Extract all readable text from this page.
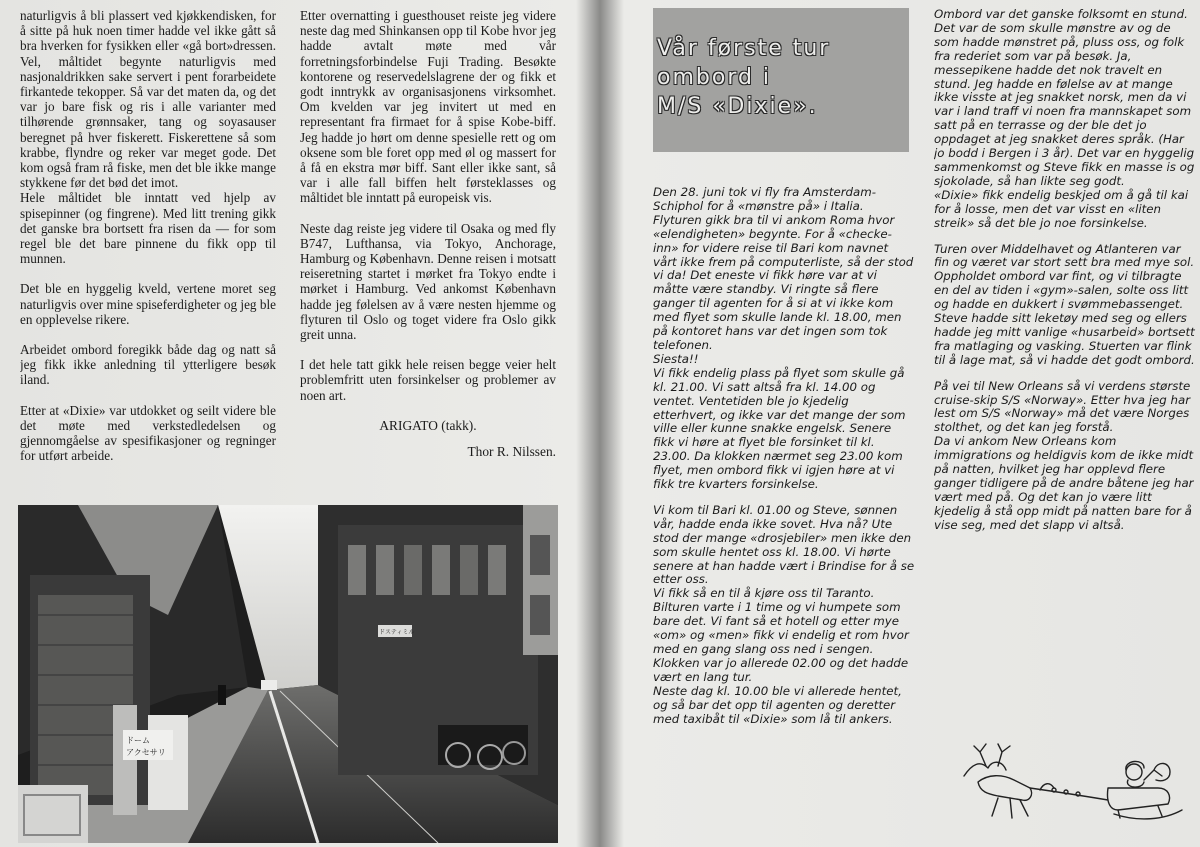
naturligvis å bli plassert ved kjøkkendisken, for å sitte på huk noen timer hadde vel ikke gått så bra hverken for fysikken eller «gå bort»dressen. Vel, måltidet begynte naturligvis med nasjonaldrikken sake servert i pent forarbeidete firkantede tekopper. Så var det maten da, og det var jo bare fisk og ris i alle varianter med tilhørende grønnsaker, tang og soyasauser beregnet på hver fiskerett. Fiskerettene så som krabbe, flyndre og reker var meget gode. Det kom også fram rå fiske, men det ble ikke mange stykkene før det bød det imot.

Hele måltidet ble inntatt ved hjelp av spisepinner (og fingrene). Med litt trening gikk det ganske bra bortsett fra risen da — for som regel ble det bare pinnene du fikk opp til munnen.

Det ble en hyggelig kveld, vertene moret seg naturligvis over mine spiseferdigheter og jeg ble en opplevelse rikere.

Arbeidet ombord foregikk både dag og natt så jeg fikk ikke anledning til ytterligere besøk iland.

Etter at «Dixie» var utdokket og seilt videre ble det møte med verkstedledelsen og gjennomgåelse av spesifikasjoner og regninger for utført arbeide.

Etter overnatting i guesthouset reiste jeg videre neste dag med Shinkansen opp til Kobe hvor jeg hadde avtalt møte med vår forretningsforbindelse Fuji Trading. Besøkte kontorene og reservedelslagrene der og fikk et godt inntrykk av organisasjonens virksomhet. Om kvelden var jeg invitert ut med en representant fra firmaet for å spise Kobe-biff. Jeg hadde jo hørt om denne spesielle rett og om oksene som ble foret opp med øl og massert for å få en ekstra mør biff. Sant eller ikke sant, så var i alle fall biffen helt førsteklasses og måltidet ble inntatt på europeisk vis.

Neste dag reiste jeg videre til Osaka og med fly B747, Lufthansa, via Tokyo, Anchorage, Hamburg og København. Denne reisen i motsatt reiseretning startet i mørket fra Tokyo endte i mørket i Hamburg. Ved ankomst København hadde jeg følelsen av å være nesten hjemme og flyturen til Oslo og toget videre fra Oslo gikk greit unna.

I det hele tatt gikk hele reisen begge veier helt problemfritt uten forsinkelser og problemer av noen art.

ARIGATO (takk).

Thor R. Nilssen.

ドーム
アクセサリ
ドスティミル
Vår første tur
ombord i
M/S «Dixie».

Den 28. juni tok vi fly fra Amsterdam-Schiphol for å «mønstre på» i Italia. Flyturen gikk bra til vi ankom Roma hvor «elendigheten» begynte. For å «checke-inn» for videre reise til Bari kom navnet vårt ikke frem på computerliste, så der stod vi da! Det eneste vi fikk høre var at vi måtte være standby. Vi ringte så flere ganger til agenten for å si at vi ikke kom med flyet som skulle lande kl. 18.00, men på kontoret hans var det ingen som tok telefonen.

Siesta!!

Vi fikk endelig plass på flyet som skulle gå kl. 21.00. Vi satt altså fra kl. 14.00 og ventet. Ventetiden ble jo kjedelig etterhvert, og ikke var det mange der som ville eller kunne snakke engelsk. Senere fikk vi høre at flyet ble forsinket til kl. 23.00. Da klokken nærmet seg 23.00 kom flyet, men ombord fikk vi igjen høre at vi fikk tre kvarters forsinkelse.

Vi kom til Bari kl. 01.00 og Steve, sønnen vår, hadde enda ikke sovet. Hva nå? Ute stod der mange «drosjebiler» men ikke den som skulle hentet oss kl. 18.00. Vi hørte senere at han hadde vært i Brindise for å se etter oss.

Vi fikk så en til å kjøre oss til Taranto. Bilturen varte i 1 time og vi humpete som bare det. Vi fant så et hotell og etter mye «om» og «men» fikk vi endelig et rom hvor med en gang slang oss ned i sengen. Klokken var jo allerede 02.00 og det hadde vært en lang tur.

Neste dag kl. 10.00 ble vi allerede hentet, og så bar det opp til agenten og deretter med taxibåt til «Dixie» som lå til ankers.

Ombord var det ganske folksomt en stund. Det var de som skulle mønstre av og de som hadde mønstret på, pluss oss, og folk fra rederiet som var på besøk. Ja, messepikene hadde det nok travelt en stund. Jeg hadde en følelse av at mange ikke visste at jeg snakket norsk, men da vi var i land traff vi noen fra mannskapet som satt på en terrasse og der ble det jo oppdaget at jeg snakket deres språk. (Har jo bodd i Bergen i 3 år). Det var en hyggelig sammenkomst og Steve fikk en masse is og sjokolade, så han likte seg godt.

«Dixie» fikk endelig beskjed om å gå til kai for å losse, men det var visst en «liten streik» så det ble jo noe forsinkelse.

Turen over Middelhavet og Atlanteren var fin og været var stort sett bra med mye sol. Oppholdet ombord var fint, og vi tilbragte en del av tiden i «gym»-salen, solte oss litt og hadde en dukkert i svømmebassenget. Steve hadde sitt leketøy med seg og ellers hadde jeg mitt vanlige «husarbeid» bortsett fra matlaging og vasking. Stuerten var flink til å lage mat, så vi hadde det godt ombord.

På vei til New Orleans så vi verdens største cruise-skip S/S «Norway». Etter hva jeg har lest om S/S «Norway» må det være Norges stolthet, og det kan jeg forstå.

Da vi ankom New Orleans kom immigrations og heldigvis kom de ikke midt på natten, hvilket jeg har opplevd flere ganger tidligere på de andre båtene jeg har vært med på. Og det kan jo være litt kjedelig å stå opp midt på natten bare for å vise seg, med det slapp vi altså.
